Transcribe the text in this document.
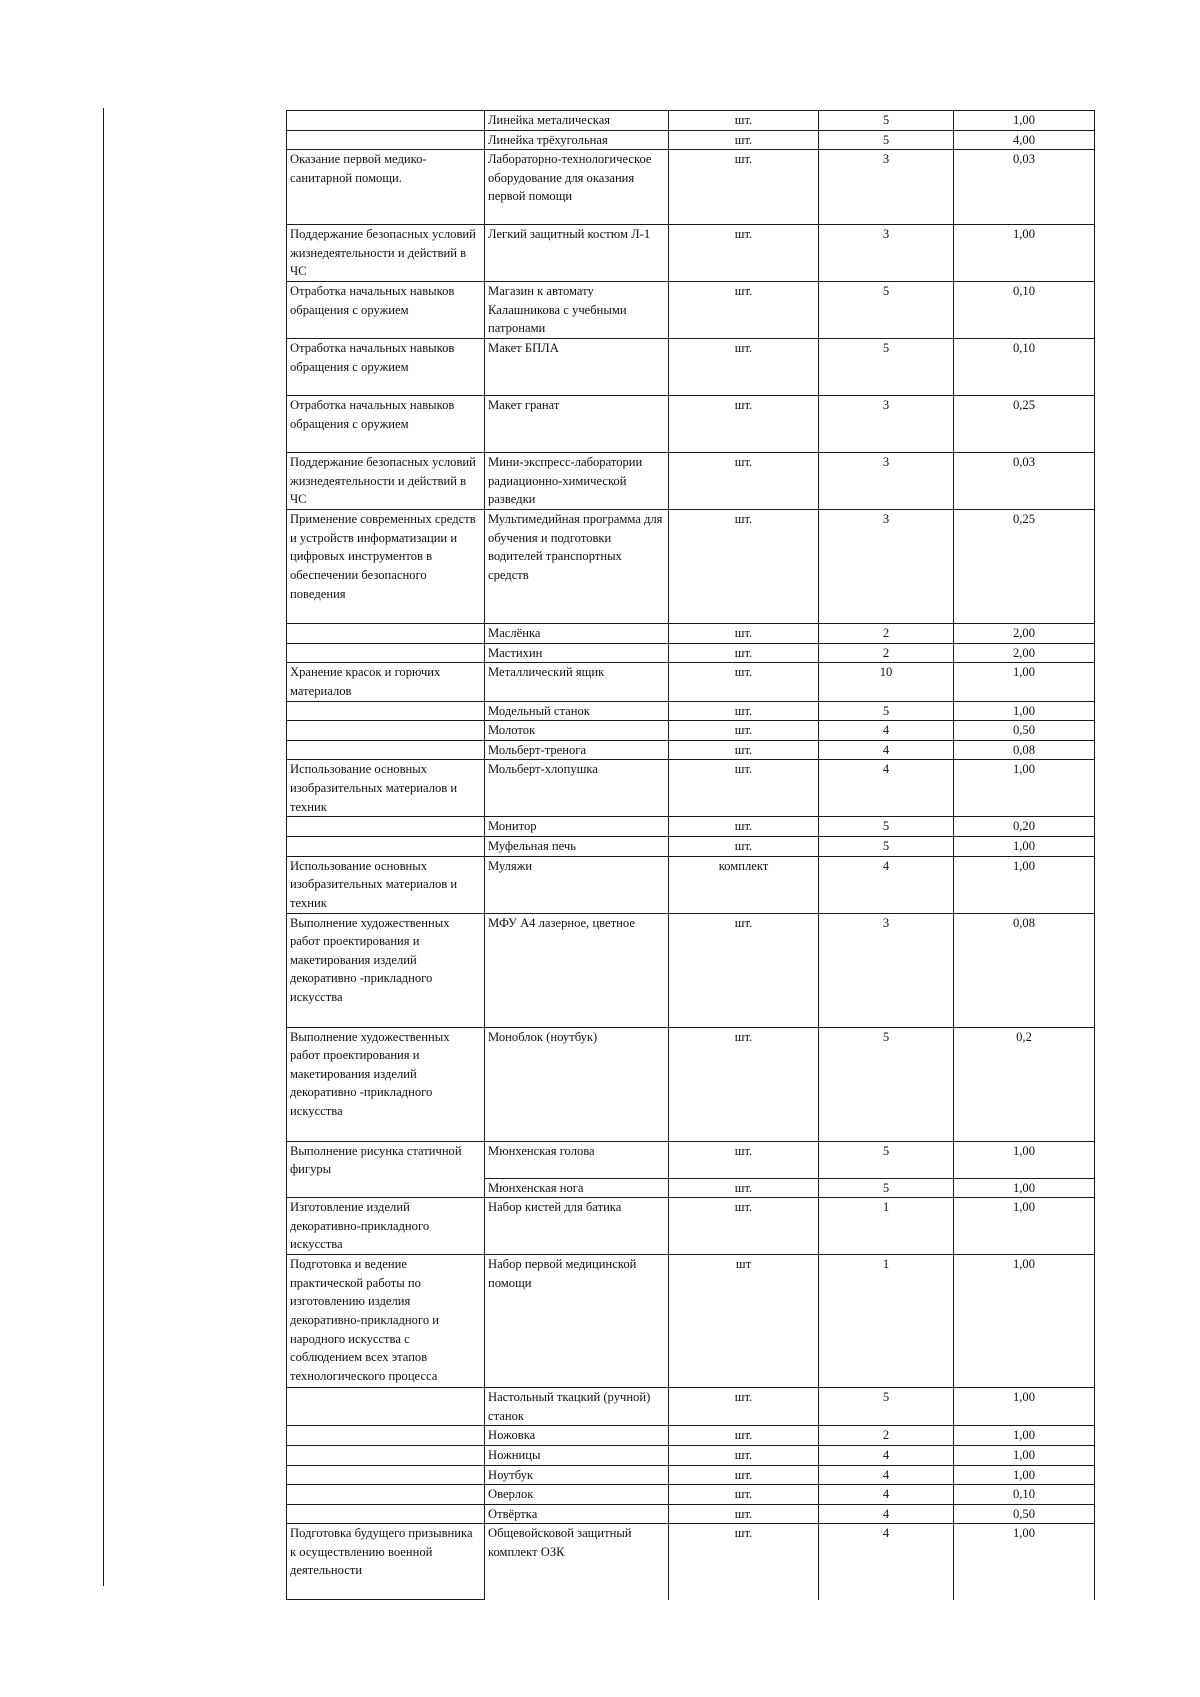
	Линейка металическая	шт.	5	1,00
	Линейка трёхугольная	шт.	5	4,00
Оказание первой медико-санитарной помощи.	Лабораторно-технологическое оборудование для оказания первой помощи	шт.	3	0,03
Поддержание безопасных условий жизнедеятельности и действий в ЧС	Легкий защитный костюм Л-1	шт.	3	1,00
Отработка начальных навыков обращения с оружием	Магазин к автомату Калашникова с учебными патронами	шт.	5	0,10
Отработка начальных навыков обращения с оружием	Макет БПЛА	шт.	5	0,10
Отработка начальных навыков обращения с оружием	Макет гранат	шт.	3	0,25
Поддержание безопасных условий жизнедеятельности и действий в ЧС	Мини-экспресс-лаборатории радиационно-химической разведки	шт.	3	0,03
Применение современных средств и устройств информатизации и цифровых инструментов в обеспечении безопасного поведения	Мультимедийная программа для обучения и подготовки водителей транспортных средств	шт.	3	0,25
	Маслёнка	шт.	2	2,00
	Мастихин	шт.	2	2,00
Хранение красок и горючих материалов	Металлический ящик	шт.	10	1,00
	Модельный станок	шт.	5	1,00
	Молоток	шт.	4	0,50
	Мольберт-тренога	шт.	4	0,08
Использование основных изобразительных материалов и техник	Мольберт-хлопушка	шт.	4	1,00
	Монитор	шт.	5	0,20
	Муфельная печь	шт.	5	1,00
Использование основных изобразительных материалов и техник	Муляжи	комплект	4	1,00
Выполнение художественных работ проектирования и макетирования изделий декоративно -прикладного искусства	МФУ А4 лазерное, цветное	шт.	3	0,08
Выполнение художественных работ проектирования и макетирования изделий декоративно -прикладного искусства	Моноблок (ноутбук)	шт.	5	0,2
Выполнение рисунка статичной фигуры	Мюнхенская голова	шт.	5	1,00
	Мюнхенская нога	шт.	5	1,00
Изготовление изделий декоративно-прикладного искусства	Набор кистей для батика	шт.	1	1,00
Подготовка и ведение практической работы по изготовлению изделия декоративно-прикладного и народного искусства с соблюдением всех этапов технологического процесса	Набор первой медицинской помощи	шт	1	1,00
	Настольный ткацкий (ручной) станок	шт.	5	1,00
	Ножовка	шт.	2	1,00
	Ножницы	шт.	4	1,00
	Ноутбук	шт.	4	1,00
	Оверлок	шт.	4	0,10
	Отвёртка	шт.	4	0,50
Подготовка будущего призывника к осуществлению военной деятельности	Общевойсковой защитный комплект ОЗК	шт.	4	1,00
